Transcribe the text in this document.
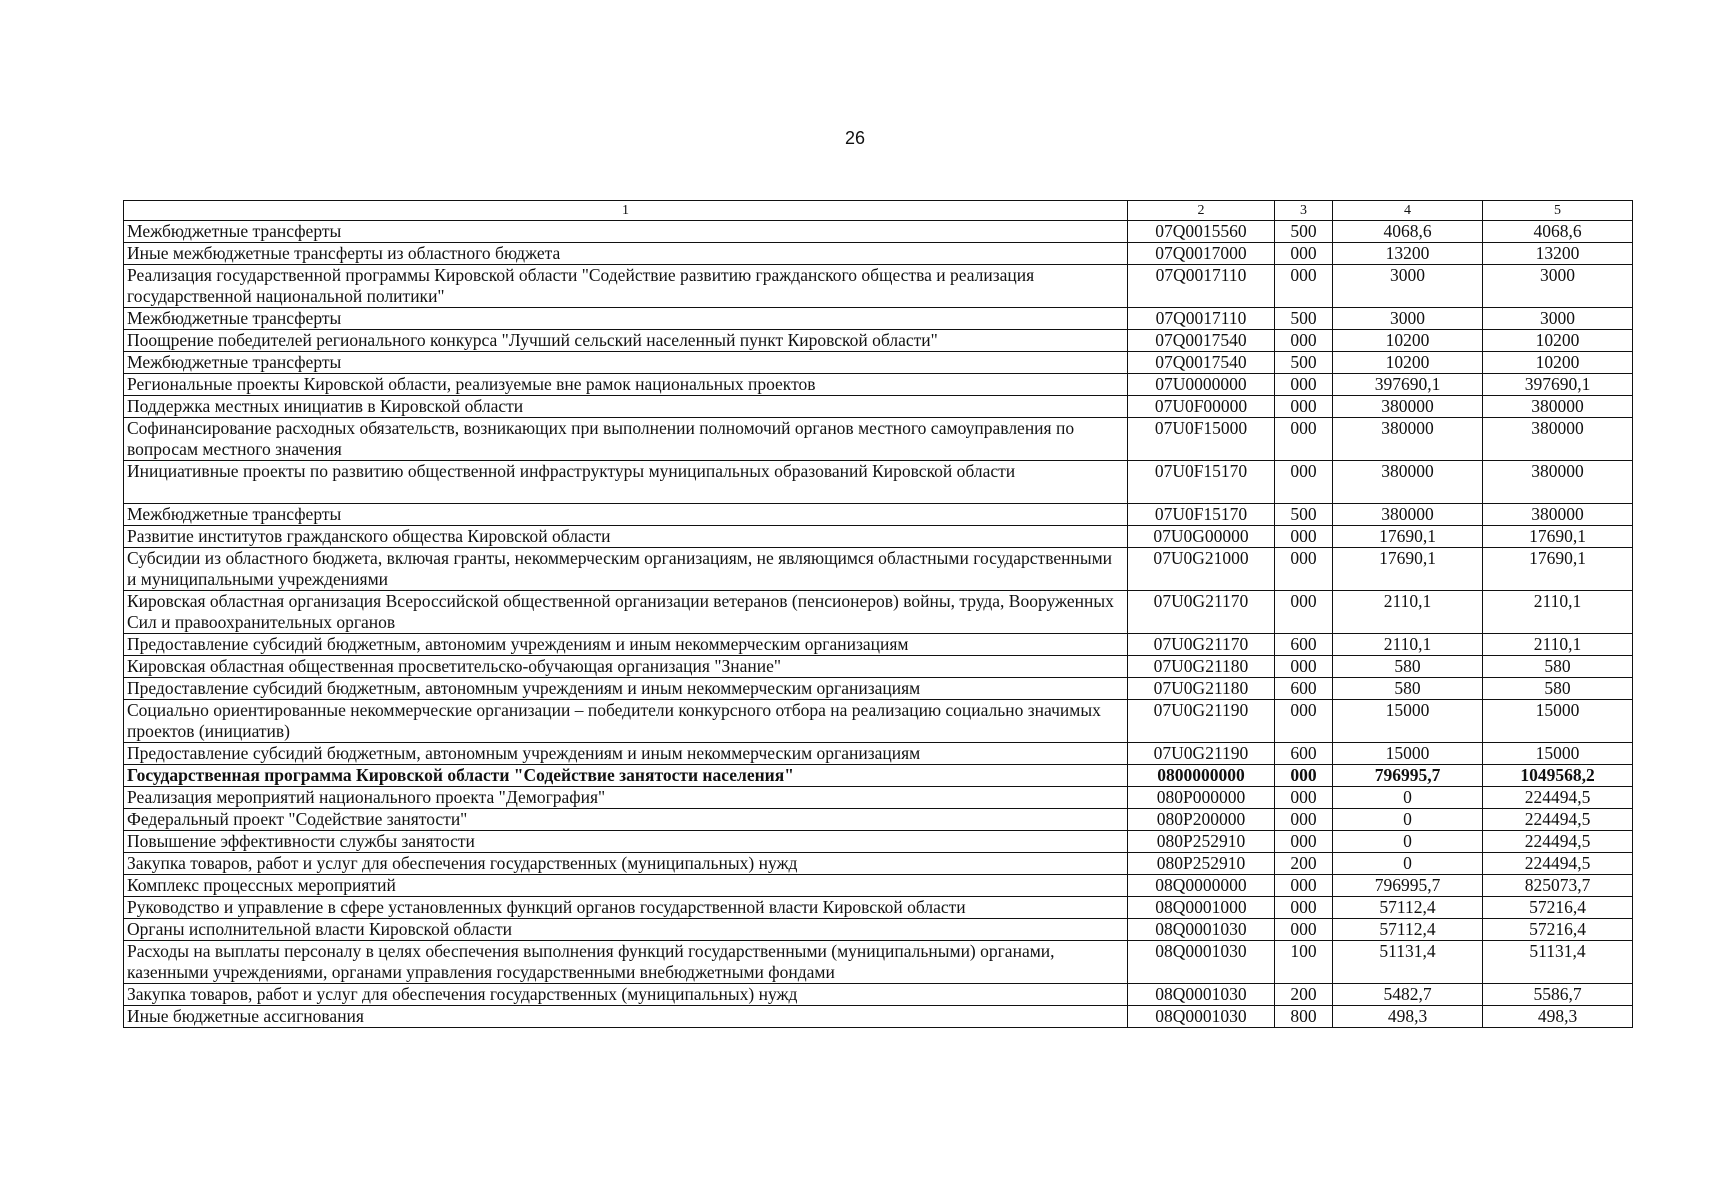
26
1	2	3	4	5
Межбюджетные трансферты	07Q0015560	500	4068,6	4068,6
Иные межбюджетные трансферты из областного бюджета	07Q0017000	000	13200	13200
Реализация государственной программы Кировской области "Содействие развитию гражданского общества и реализация государственной национальной политики"	07Q0017110	000	3000	3000
Межбюджетные трансферты	07Q0017110	500	3000	3000
Поощрение победителей регионального конкурса "Лучший сельский населенный пункт Кировской области"	07Q0017540	000	10200	10200
Межбюджетные трансферты	07Q0017540	500	10200	10200
Региональные проекты Кировской области, реализуемые вне рамок национальных проектов	07U0000000	000	397690,1	397690,1
Поддержка местных инициатив в Кировской области	07U0F00000	000	380000	380000
Софинансирование расходных обязательств, возникающих при выполнении полномочий органов местного самоуправления по вопросам местного значения	07U0F15000	000	380000	380000
Инициативные проекты по развитию общественной инфраструктуры муниципальных образований Кировской области	07U0F15170	000	380000	380000
Межбюджетные трансферты	07U0F15170	500	380000	380000
Развитие институтов гражданского общества Кировской области	07U0G00000	000	17690,1	17690,1
Субсидии из областного бюджета, включая гранты, некоммерческим организациям, не являющимся областными государственными и муниципальными учреждениями	07U0G21000	000	17690,1	17690,1
Кировская областная организация Всероссийской общественной организации ветеранов (пенсионеров) войны, труда, Вооруженных Сил и правоохранительных органов	07U0G21170	000	2110,1	2110,1
Предоставление субсидий бюджетным, автономим учреждениям и иным некоммерческим организациям	07U0G21170	600	2110,1	2110,1
Кировская областная общественная просветительско-обучающая организация "Знание"	07U0G21180	000	580	580
Предоставление субсидий бюджетным, автономным учреждениям и иным некоммерческим организациям	07U0G21180	600	580	580
Социально ориентированные некоммерческие организации – победители конкурсного отбора на реализацию социально значимых проектов (инициатив)	07U0G21190	000	15000	15000
Предоставление субсидий бюджетным, автономным учреждениям и иным некоммерческим организациям	07U0G21190	600	15000	15000
Государственная программа Кировской области "Содействие занятости населения"	0800000000	000	796995,7	1049568,2
Реализация мероприятий национального проекта "Демография"	080P000000	000	0	224494,5
Федеральный проект "Содействие занятости"	080P200000	000	0	224494,5
Повышение эффективности службы занятости	080P252910	000	0	224494,5
Закупка товаров, работ и услуг для обеспечения государственных (муниципальных) нужд	080P252910	200	0	224494,5
Комплекс процессных мероприятий	08Q0000000	000	796995,7	825073,7
Руководство и управление в сфере установленных функций органов государственной власти Кировской области	08Q0001000	000	57112,4	57216,4
Органы исполнительной власти Кировской области	08Q0001030	000	57112,4	57216,4
Расходы на выплаты персоналу в целях обеспечения выполнения функций государственными (муниципальными) органами, казенными учреждениями, органами управления государственными внебюджетными фондами	08Q0001030	100	51131,4	51131,4
Закупка товаров, работ и услуг для обеспечения государственных (муниципальных) нужд	08Q0001030	200	5482,7	5586,7
Иные бюджетные ассигнования	08Q0001030	800	498,3	498,3
